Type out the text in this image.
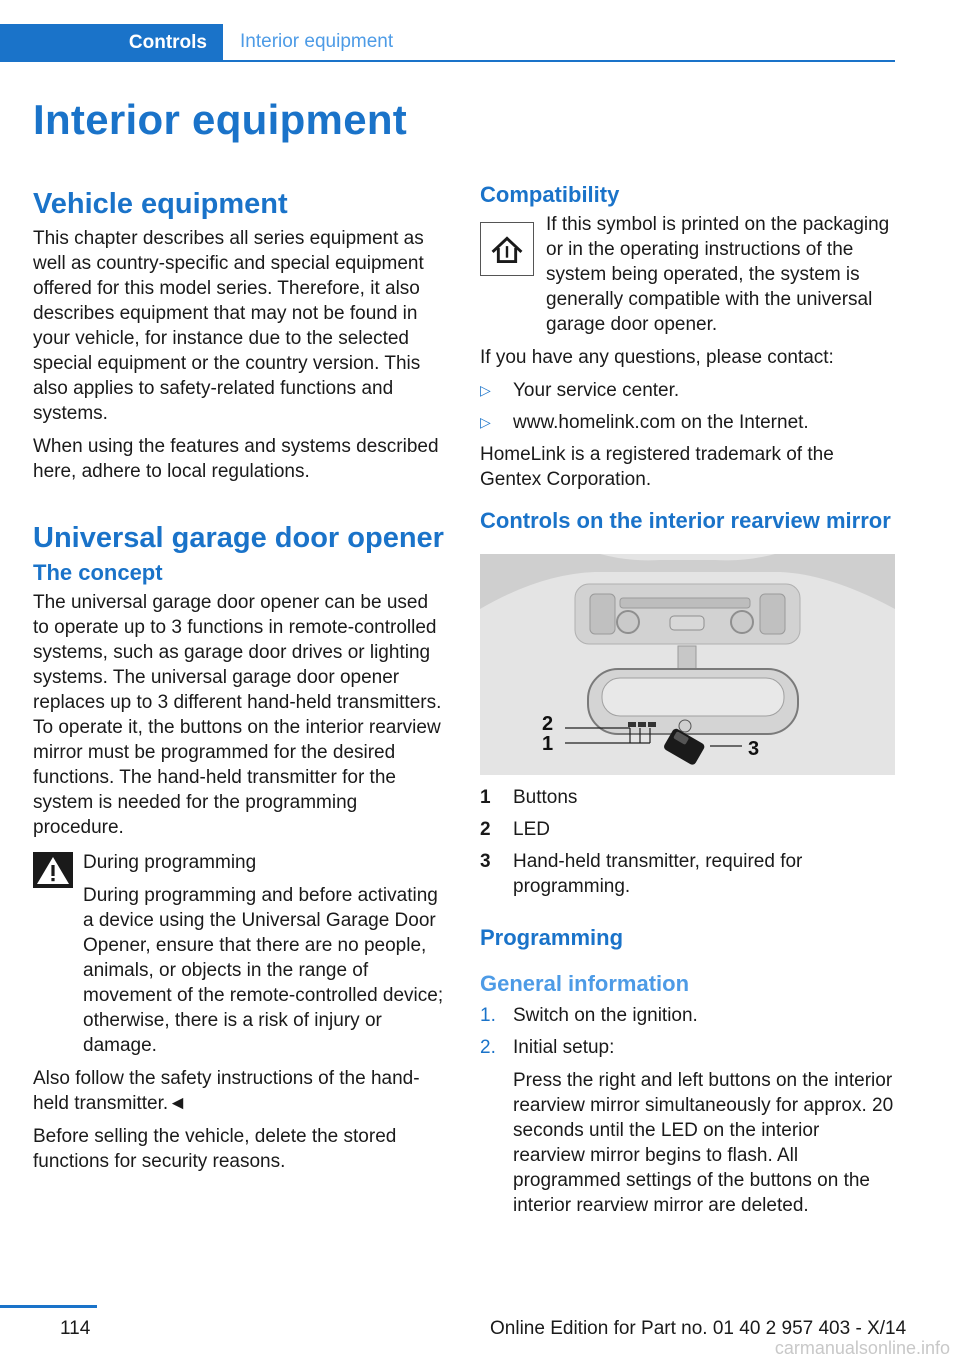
Controls	Interior equipment
Interior equipment
Vehicle equipment

This chapter describes all series equipment as well as country-specific and special equipment offered for this model series. Therefore, it also describes equipment that may not be found in your vehicle, for instance due to the selected special equipment or the country version. This also applies to safety-related functions and systems.

When using the features and systems described here, adhere to local regulations.

Universal garage door opener
The concept

The universal garage door opener can be used to operate up to 3 functions in remote-controlled systems, such as garage door drives or lighting systems. The universal garage door opener replaces up to 3 different hand-held transmitters. To operate it, the buttons on the interior rearview mirror must be programmed for the desired functions. The hand-held transmitter for the system is needed for the programming procedure.

During programming

During programming and before activating a device using the Universal Garage Door Opener, ensure that there are no people, animals, or objects in the range of movement of the remote-controlled device; otherwise, there is a risk of injury or damage.

Also follow the safety instructions of the hand-held transmitter.◄

Before selling the vehicle, delete the stored functions for security reasons.

Compatibility

If this symbol is printed on the packaging or in the operating instructions of the system being operated, the system is generally compatible with the universal garage door opener.

If you have any questions, please contact:

▷ Your service center.
▷ www.homelink.com on the Internet.

HomeLink is a registered trademark of the Gentex Corporation.

Controls on the interior rearview mirror
2
1	3
1	Buttons
2	LED
3	Hand-held transmitter, required for programming.
Programming
General information
1. Switch on the ignition.
2. Initial setup:
Press the right and left buttons on the interior rearview mirror simultaneously for approx. 20 seconds until the LED on the interior rearview mirror begins to flash. All programmed settings of the buttons on the interior rearview mirror are deleted.
114	Online Edition for Part no. 01 40 2 957 403 - X/14
carmanualsonline.info
